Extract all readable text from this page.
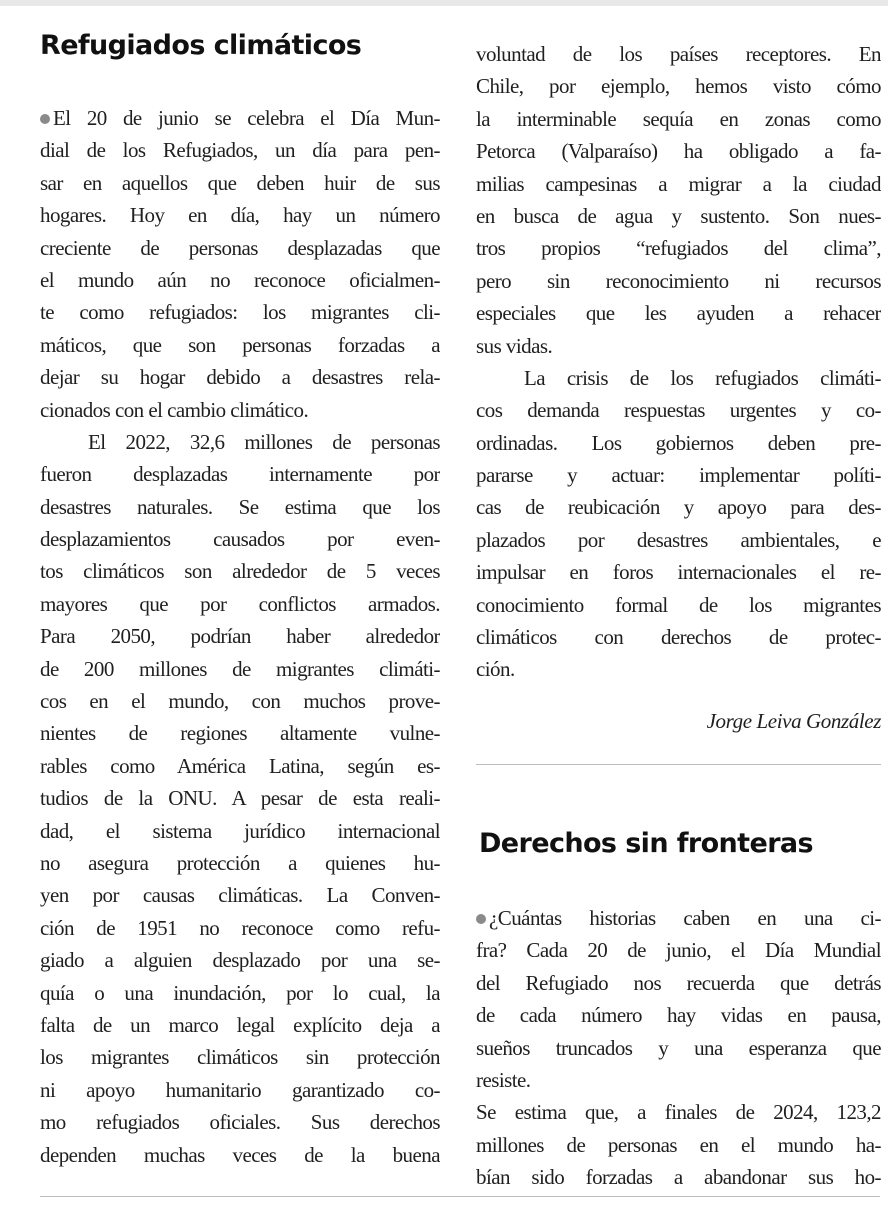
Refugiados climáticos
El 20 de junio se celebra el Día Mun-
dial de los Refugiados, un día para pen-
sar en aquellos que deben huir de sus
hogares. Hoy en día, hay un número
creciente de personas desplazadas que
el mundo aún no reconoce oficialmen-
te como refugiados: los migrantes cli-
máticos, que son personas forzadas a
dejar su hogar debido a desastres rela-
cionados con el cambio climático.
El 2022, 32,6 millones de personas
fueron desplazadas internamente por
desastres naturales. Se estima que los
desplazamientos causados por even-
tos climáticos son alrededor de 5 veces
mayores que por conflictos armados.
Para 2050, podrían haber alrededor
de 200 millones de migrantes climáti-
cos en el mundo, con muchos prove-
nientes de regiones altamente vulne-
rables como América Latina, según es-
tudios de la ONU. A pesar de esta reali-
dad, el sistema jurídico internacional
no asegura protección a quienes hu-
yen por causas climáticas. La Conven-
ción de 1951 no reconoce como refu-
giado a alguien desplazado por una se-
quía o una inundación, por lo cual, la
falta de un marco legal explícito deja a
los migrantes climáticos sin protección
ni apoyo humanitario garantizado co-
mo refugiados oficiales. Sus derechos
dependen muchas veces de la buena
voluntad de los países receptores. En
Chile, por ejemplo, hemos visto cómo
la interminable sequía en zonas como
Petorca (Valparaíso) ha obligado a fa-
milias campesinas a migrar a la ciudad
en busca de agua y sustento. Son nues-
tros propios “refugiados del clima”,
pero sin reconocimiento ni recursos
especiales que les ayuden a rehacer
sus vidas.
La crisis de los refugiados climáti-
cos demanda respuestas urgentes y co-
ordinadas. Los gobiernos deben pre-
pararse y actuar: implementar políti-
cas de reubicación y apoyo para des-
plazados por desastres ambientales, e
impulsar en foros internacionales el re-
conocimiento formal de los migrantes
climáticos con derechos de protec-
ción.
Jorge Leiva González
Derechos sin fronteras
¿Cuántas historias caben en una ci-
fra? Cada 20 de junio, el Día Mundial
del Refugiado nos recuerda que detrás
de cada número hay vidas en pausa,
sueños truncados y una esperanza que
resiste.
Se estima que, a finales de 2024, 123,2
millones de personas en el mundo ha-
bían sido forzadas a abandonar sus ho-
